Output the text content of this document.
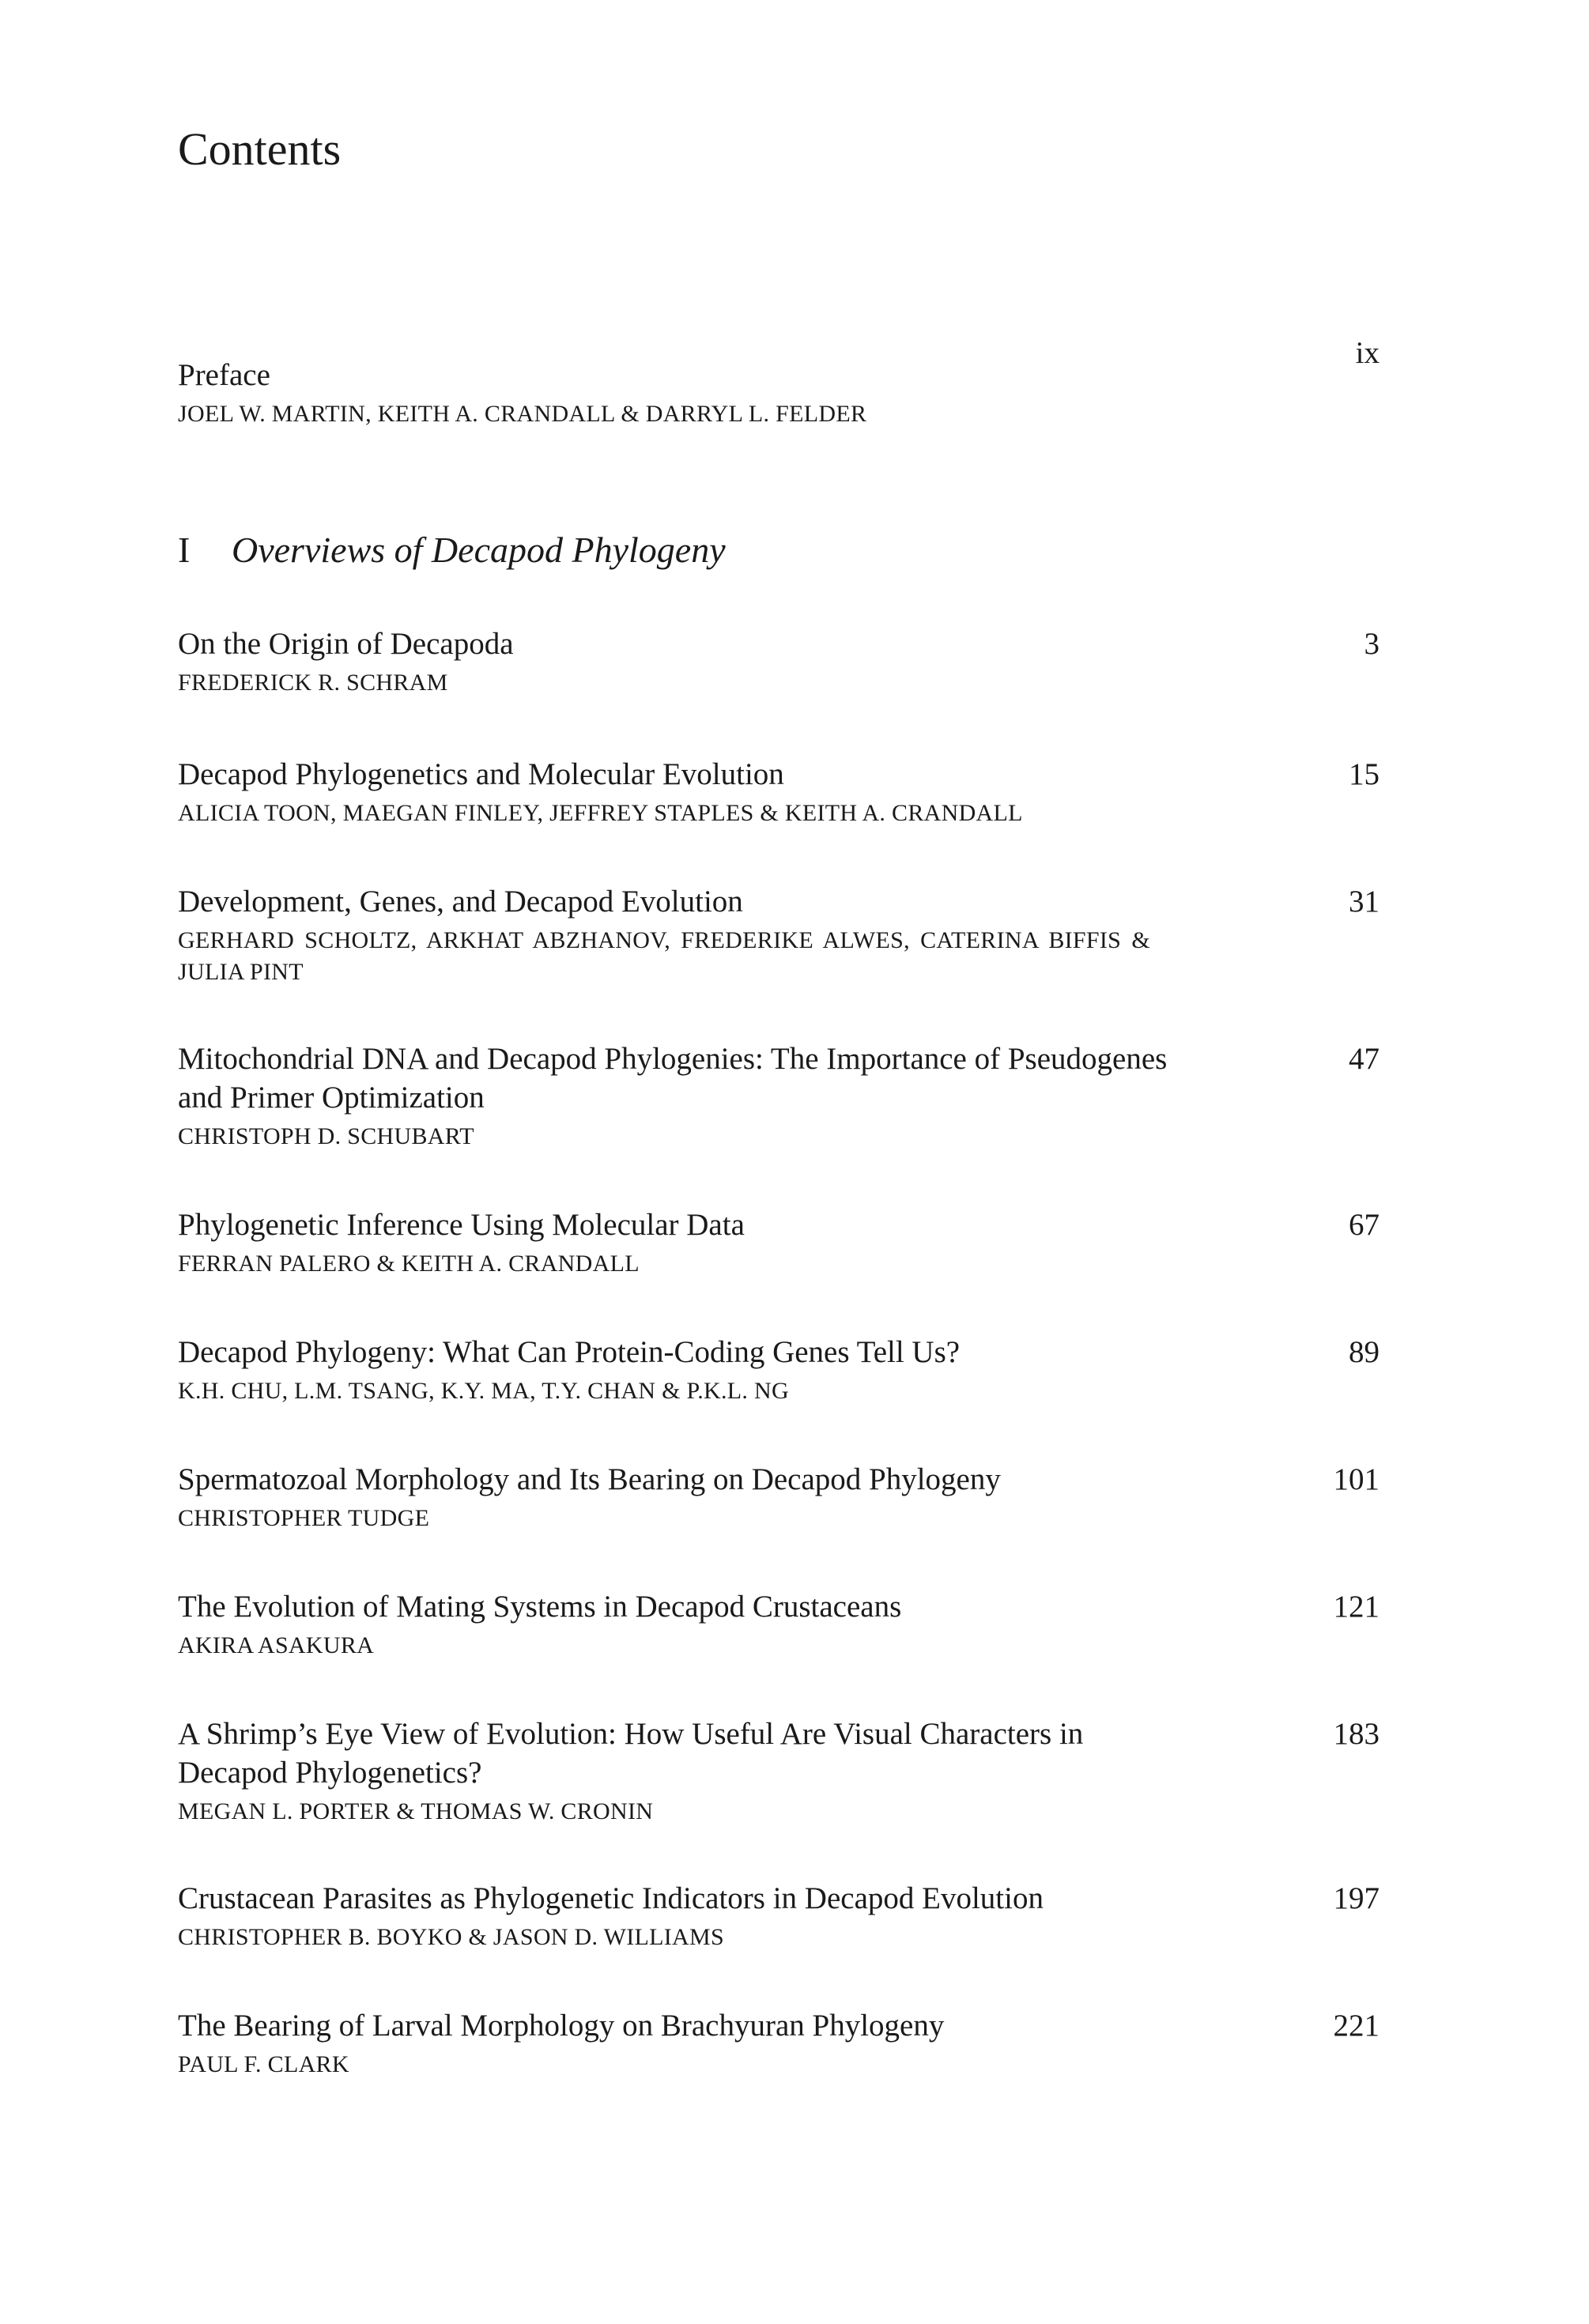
Contents
ix
Preface
JOEL W. MARTIN, KEITH A. CRANDALL & DARRYL L. FELDER
I Overviews of Decapod Phylogeny
On the Origin of Decapoda
FREDERICK R. SCHRAM
3
Decapod Phylogenetics and Molecular Evolution
ALICIA TOON, MAEGAN FINLEY, JEFFREY STAPLES & KEITH A. CRANDALL
15
Development, Genes, and Decapod Evolution
GERHARD SCHOLTZ, ARKHAT ABZHANOV, FREDERIKE ALWES, CATERINA BIFFIS & JULIA PINT
31
Mitochondrial DNA and Decapod Phylogenies: The Importance of Pseudogenes and Primer Optimization
CHRISTOPH D. SCHUBART
47
Phylogenetic Inference Using Molecular Data
FERRAN PALERO & KEITH A. CRANDALL
67
Decapod Phylogeny: What Can Protein-Coding Genes Tell Us?
K.H. CHU, L.M. TSANG, K.Y. MA, T.Y. CHAN & P.K.L. NG
89
Spermatozoal Morphology and Its Bearing on Decapod Phylogeny
CHRISTOPHER TUDGE
101
The Evolution of Mating Systems in Decapod Crustaceans
AKIRA ASAKURA
121
A Shrimp’s Eye View of Evolution: How Useful Are Visual Characters in Decapod Phylogenetics?
MEGAN L. PORTER & THOMAS W. CRONIN
183
Crustacean Parasites as Phylogenetic Indicators in Decapod Evolution
CHRISTOPHER B. BOYKO & JASON D. WILLIAMS
197
The Bearing of Larval Morphology on Brachyuran Phylogeny
PAUL F. CLARK
221
